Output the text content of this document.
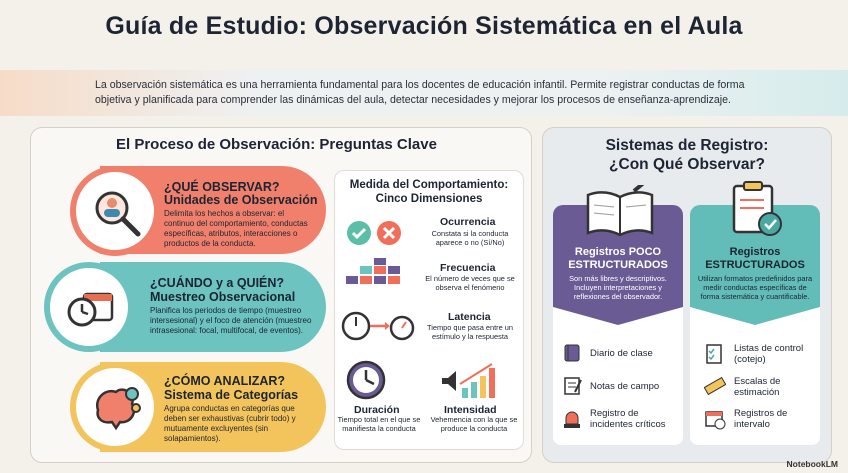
Guía de Estudio: Observación Sistemática en el Aula

La observación sistemática es una herramienta fundamental para los docentes de educación infantil. Permite registrar conductas de forma objetiva y planificada para comprender las dinámicas del aula, detectar necesidades y mejorar los procesos de enseñanza-aprendizaje.

El Proceso de Observación: Preguntas Clave
¿QUÉ OBSERVAR?
Unidades de Observación
Delimita los hechos a observar: el continuo del comportamiento, conductas específicas, atributos, interacciones o productos de la conducta.
¿CUÁNDO y a QUIÉN?
Muestreo Observacional
Planifica los periodos de tiempo (muestreo intersesional) y el foco de atención (muestreo intrasesional: focal, multifocal, de eventos).
¿CÓMO ANALIZAR?
Sistema de Categorías
Agrupa conductas en categorías que deben ser exhaustivas (cubrir todo) y mutuamente excluyentes (sin solapamientos).
Medida del Comportamiento: Cinco Dimensiones
Ocurrencia
Constata si la conducta aparece o no (Sí/No)
Frecuencia
El número de veces que se observa el fenómeno
Latencia
Tiempo que pasa entre un estímulo y la respuesta
Duración
Tiempo total en el que se manifiesta la conducta
Intensidad
Vehemencia con la que se produce la conducta
Sistemas de Registro:
¿Con Qué Observar?
Registros POCO
ESTRUCTURADOS
Son más libres y descriptivos. Incluyen interpretaciones y reflexiones del observador.
Registros
ESTRUCTURADOS
Utilizan formatos predefinidos para medir conductas específicas de forma sistemática y cuantificable.
Diario de clase
Notas de campo
Registro de incidentes críticos
Listas de control (cotejo)
Escalas de estimación
Registros de intervalo
NotebookLM
